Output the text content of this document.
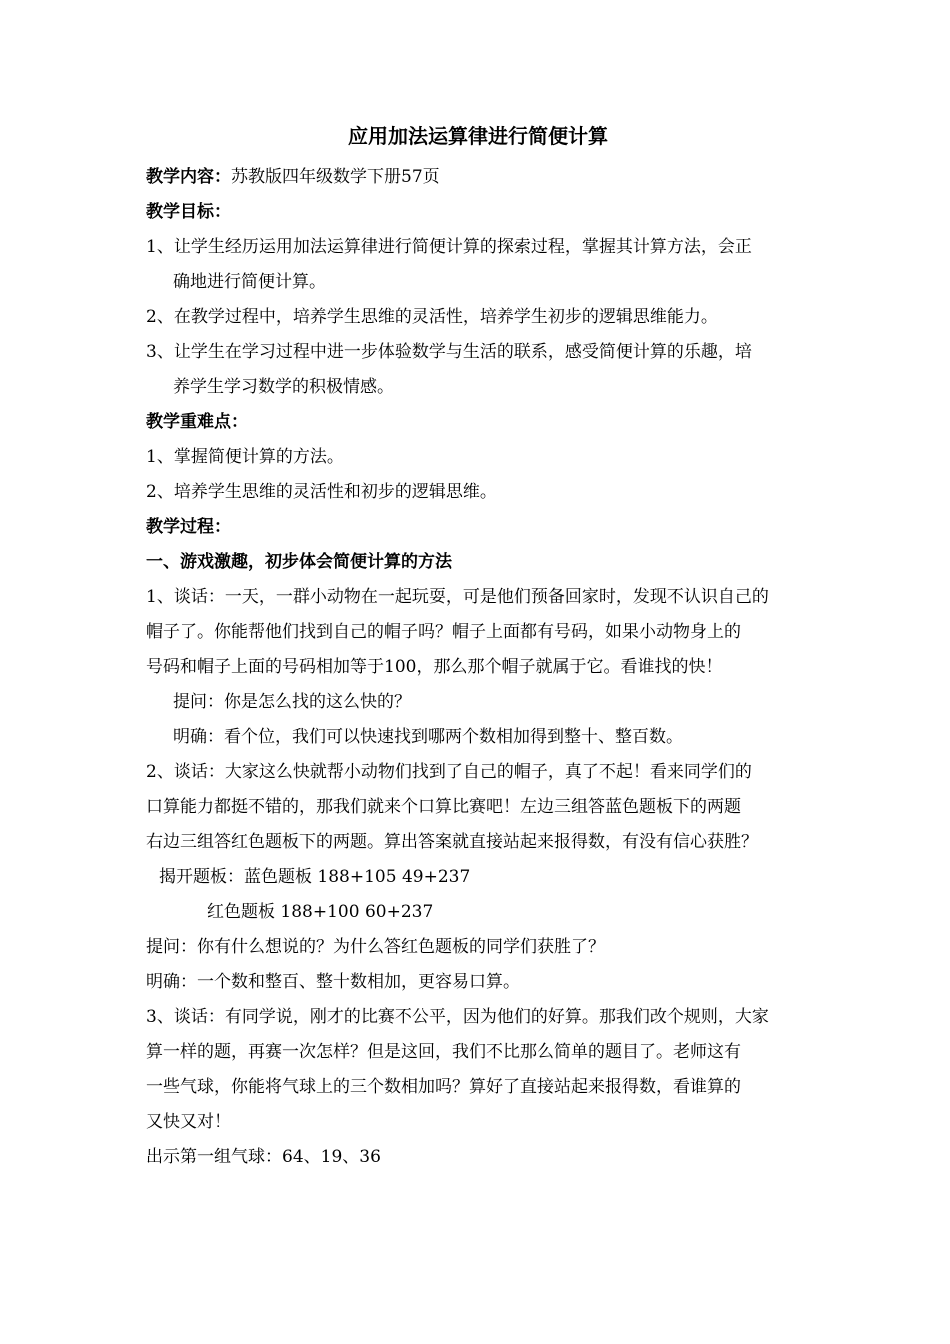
应用加法运算律进行简便计算

教学内容：苏教版四年级数学下册57页

教学目标：

1、让学生经历运用加法运算律进行简便计算的探索过程，掌握其计算方法，会正

确地进行简便计算。

2、在教学过程中，培养学生思维的灵活性，培养学生初步的逻辑思维能力。

3、让学生在学习过程中进一步体验数学与生活的联系，感受简便计算的乐趣，培

养学生学习数学的积极情感。

教学重难点：

1、掌握简便计算的方法。

2、培养学生思维的灵活性和初步的逻辑思维。

教学过程：

一、游戏激趣，初步体会简便计算的方法

1、谈话：一天，一群小动物在一起玩耍，可是他们预备回家时，发现不认识自己的

帽子了。你能帮他们找到自己的帽子吗？帽子上面都有号码，如果小动物身上的

号码和帽子上面的号码相加等于100，那么那个帽子就属于它。看谁找的快！

提问：你是怎么找的这么快的？

明确：看个位，我们可以快速找到哪两个数相加得到整十、整百数。

2、谈话：大家这么快就帮小动物们找到了自己的帽子，真了不起！看来同学们的

口算能力都挺不错的，那我们就来个口算比赛吧！左边三组答蓝色题板下的两题

右边三组答红色题板下的两题。算出答案就直接站起来报得数，有没有信心获胜？

揭开题板：蓝色题板 188+105 49+237

红色题板 188+100 60+237

提问：你有什么想说的？为什么答红色题板的同学们获胜了？

明确：一个数和整百、整十数相加，更容易口算。

3、谈话：有同学说，刚才的比赛不公平，因为他们的好算。那我们改个规则，大家

算一样的题，再赛一次怎样？但是这回，我们不比那么简单的题目了。老师这有

一些气球，你能将气球上的三个数相加吗？算好了直接站起来报得数，看谁算的

又快又对！

出示第一组气球：64、19、36
